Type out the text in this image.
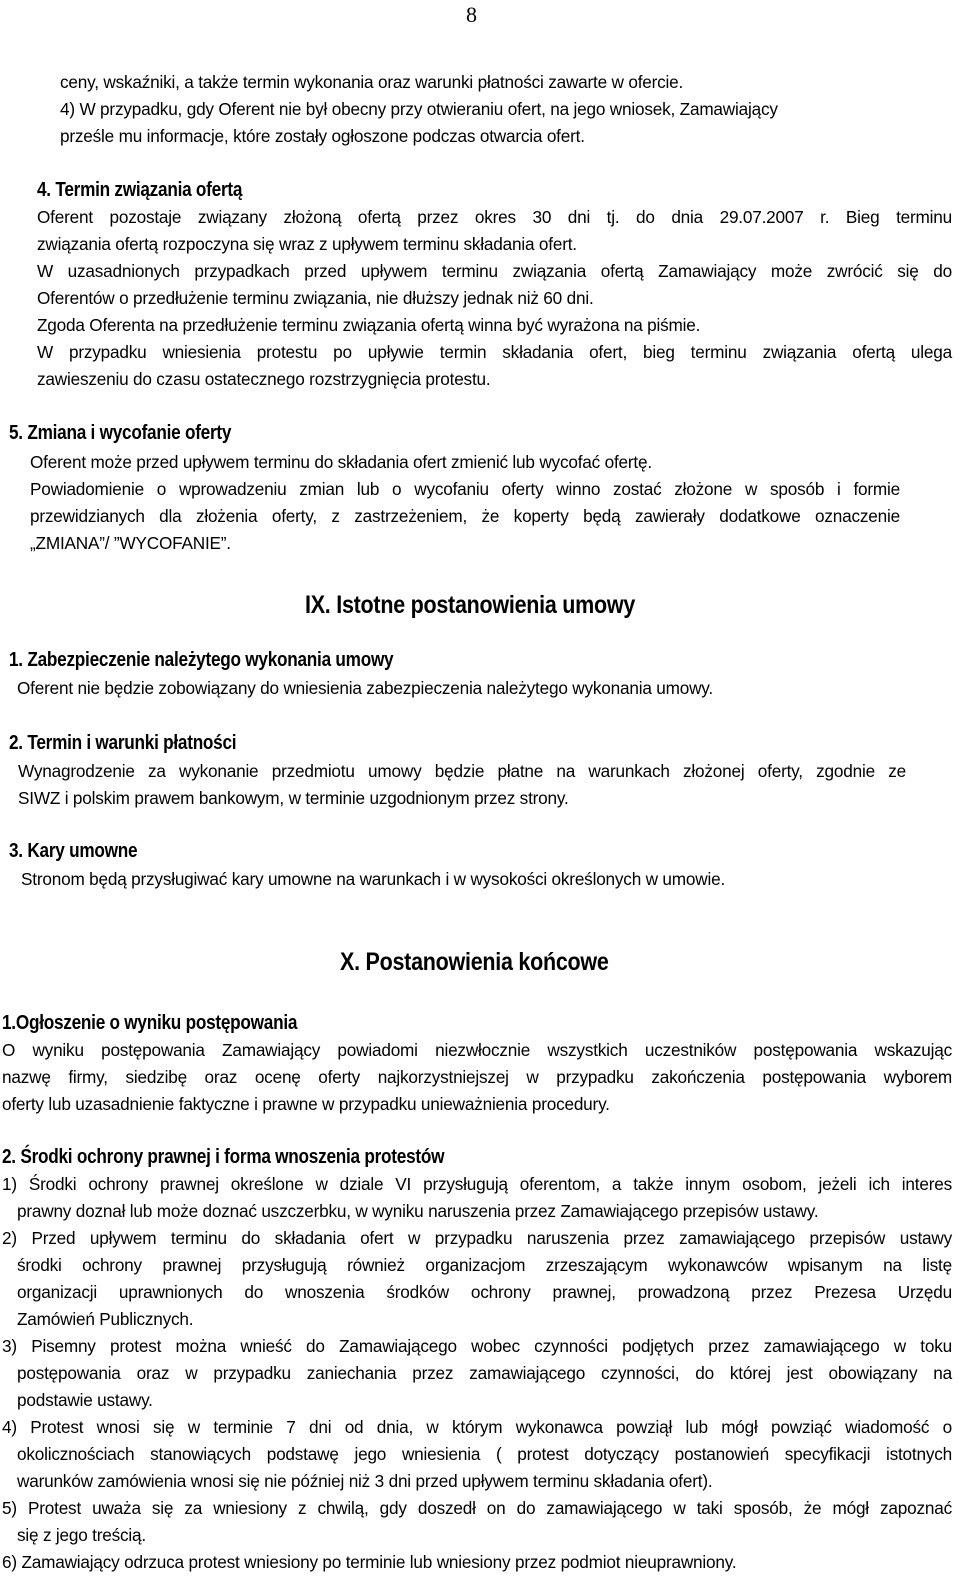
8
ceny, wskaźniki, a także termin wykonania oraz warunki płatności zawarte w ofercie.
4) W przypadku, gdy Oferent nie był obecny przy otwieraniu ofert, na jego wniosek, Zamawiający
prześle mu informacje, które zostały ogłoszone podczas otwarcia ofert.
4. Termin związania ofertą
Oferent pozostaje związany złożoną ofertą przez okres 30 dni tj. do dnia 29.07.2007 r. Bieg terminu
związania ofertą rozpoczyna się wraz z upływem terminu składania ofert.
W uzasadnionych przypadkach przed upływem terminu związania ofertą Zamawiający może zwrócić się do
Oferentów o przedłużenie terminu związania, nie dłuższy jednak niż 60 dni.
Zgoda Oferenta na przedłużenie terminu związania ofertą winna być wyrażona na piśmie.
W przypadku wniesienia protestu po upływie termin składania ofert, bieg terminu związania ofertą ulega
zawieszeniu do czasu ostatecznego rozstrzygnięcia protestu.
5. Zmiana i wycofanie oferty
Oferent może przed upływem terminu do składania ofert zmienić lub wycofać ofertę.
Powiadomienie o wprowadzeniu zmian lub o wycofaniu oferty winno zostać złożone w sposób i formie
przewidzianych dla złożenia oferty, z zastrzeżeniem, że koperty będą zawierały dodatkowe oznaczenie
„ZMIANA”/ ”WYCOFANIE”.
IX. Istotne postanowienia umowy
1. Zabezpieczenie należytego wykonania umowy
Oferent nie będzie zobowiązany do wniesienia zabezpieczenia należytego wykonania umowy.
2. Termin i warunki płatności
Wynagrodzenie za wykonanie przedmiotu umowy będzie płatne na warunkach złożonej oferty, zgodnie ze
SIWZ i polskim prawem bankowym, w terminie uzgodnionym przez strony.
3. Kary umowne
Stronom będą przysługiwać kary umowne na warunkach i w wysokości określonych w umowie.
X. Postanowienia końcowe
1.Ogłoszenie o wyniku postępowania
O wyniku postępowania Zamawiający powiadomi niezwłocznie wszystkich uczestników postępowania wskazując
nazwę firmy, siedzibę oraz ocenę oferty najkorzystniejszej w przypadku zakończenia postępowania wyborem
oferty lub uzasadnienie faktyczne i prawne w przypadku unieważnienia procedury.
2. Środki ochrony prawnej i forma wnoszenia protestów
1) Środki ochrony prawnej określone w dziale VI przysługują oferentom, a także innym osobom, jeżeli ich interes
prawny doznał lub może doznać uszczerbku, w wyniku naruszenia przez Zamawiającego przepisów ustawy.
2) Przed upływem terminu do składania ofert w przypadku naruszenia przez zamawiającego przepisów ustawy
środki ochrony prawnej przysługują również organizacjom zrzeszającym wykonawców wpisanym na listę
organizacji uprawnionych do wnoszenia środków ochrony prawnej, prowadzoną przez Prezesa Urzędu
Zamówień Publicznych.
3) Pisemny protest można wnieść do Zamawiającego wobec czynności podjętych przez zamawiającego w toku
postępowania oraz w przypadku zaniechania przez zamawiającego czynności, do której jest obowiązany na
podstawie ustawy.
4) Protest wnosi się w terminie 7 dni od dnia, w którym wykonawca powziął lub mógł powziąć wiadomość o
okolicznościach stanowiących podstawę jego wniesienia ( protest dotyczący postanowień specyfikacji istotnych
warunków zamówienia wnosi się nie później niż 3 dni przed upływem terminu składania ofert).
5) Protest uważa się za wniesiony z chwilą, gdy doszedł on do zamawiającego w taki sposób, że mógł zapoznać
się z jego treścią.
6) Zamawiający odrzuca protest wniesiony po terminie lub wniesiony przez podmiot nieuprawniony.
